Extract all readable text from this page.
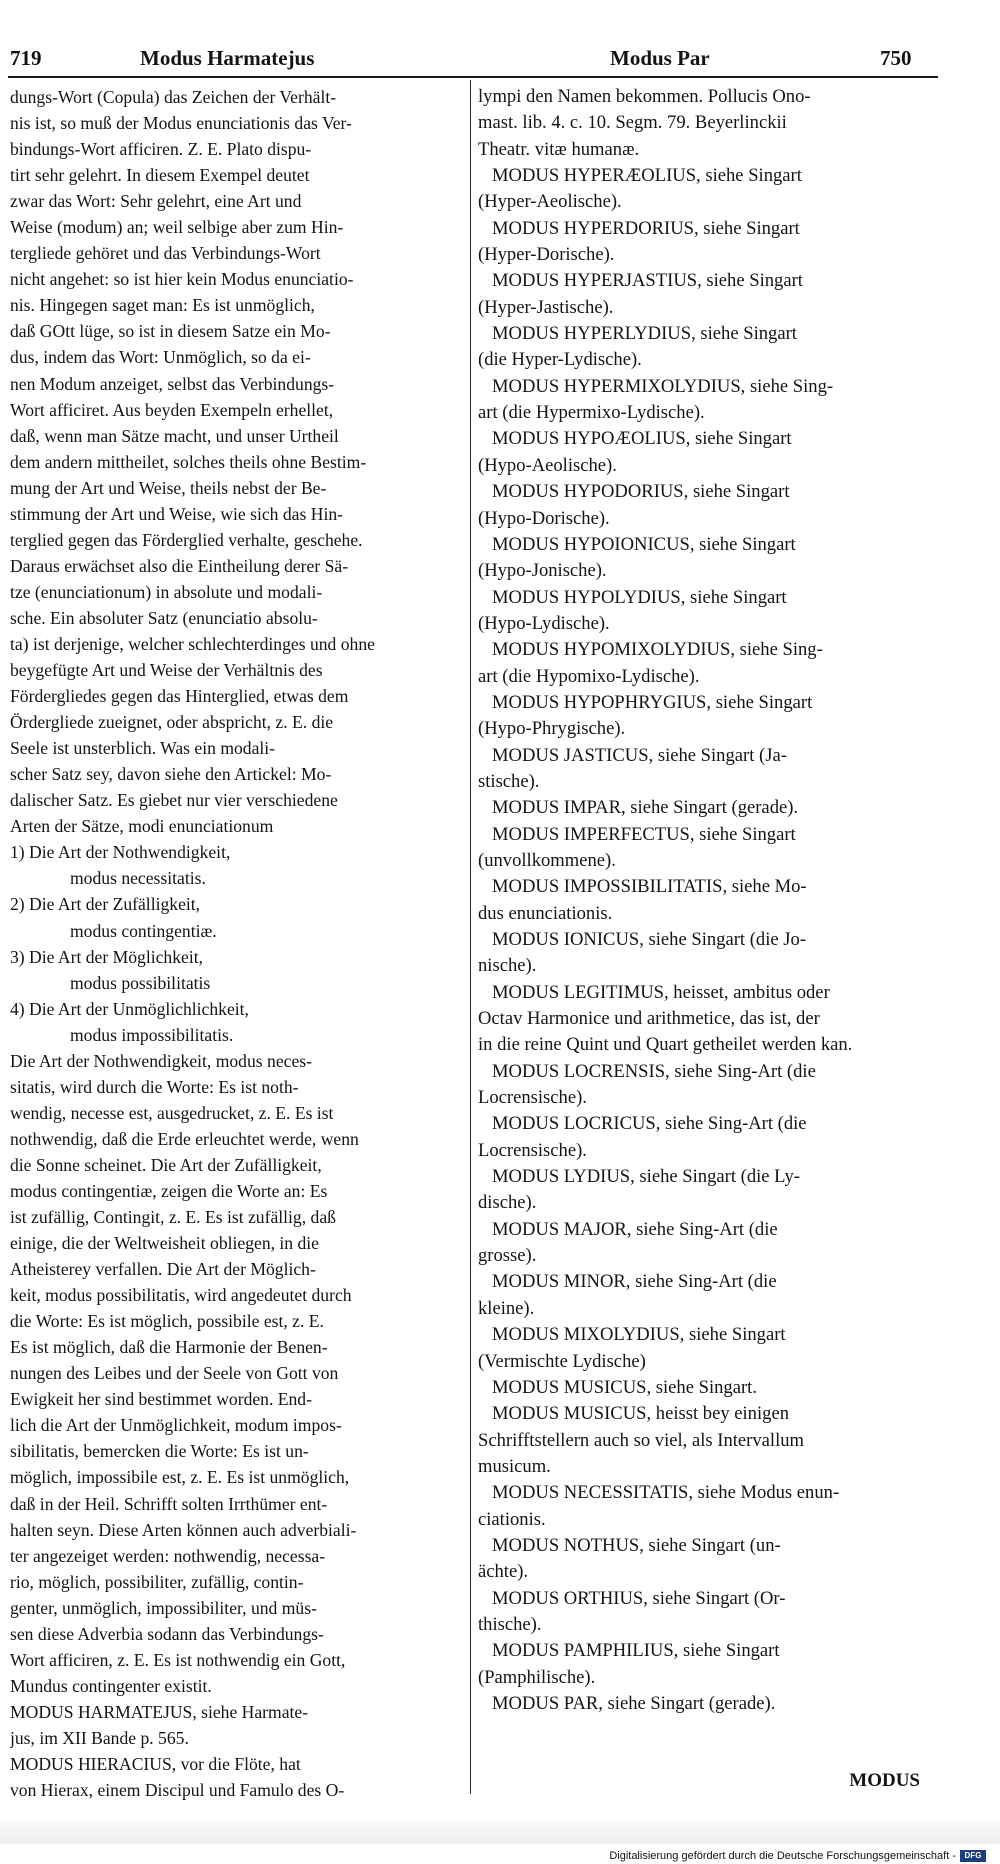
719	Modus Harmatejus	Modus Par	750

dungs-Wort (Copula) das Zeichen der Verhält-

nis ist, so muß der Modus enunciationis das Ver-

bindungs-Wort afficiren. Z. E. Plato dispu-

tirt sehr gelehrt. In diesem Exempel deutet

zwar das Wort: Sehr gelehrt, eine Art und

Weise (modum) an; weil selbige aber zum Hin-

tergliede gehöret und das Verbindungs-Wort

nicht angehet: so ist hier kein Modus enunciatio-

nis. Hingegen saget man: Es ist unmöglich,

daß GOtt lüge, so ist in diesem Satze ein Mo-

dus, indem das Wort: Unmöglich, so da ei-

nen Modum anzeiget, selbst das Verbindungs-

Wort afficiret. Aus beyden Exempeln erhellet,

daß, wenn man Sätze macht, und unser Urtheil

dem andern mittheilet, solches theils ohne Bestim-

mung der Art und Weise, theils nebst der Be-

stimmung der Art und Weise, wie sich das Hin-

terglied gegen das Förderglied verhalte, geschehe.

Daraus erwächset also die Eintheilung derer Sä-

tze (enunciationum) in absolute und modali-

sche. Ein absoluter Satz (enunciatio absolu-

ta) ist derjenige, welcher schlechterdinges und ohne

beygefügte Art und Weise der Verhältnis des

Fördergliedes gegen das Hinterglied, etwas dem

Ördergliede zueignet, oder abspricht, z. E. die

Seele ist unsterblich. Was ein modali-

scher Satz sey, davon siehe den Artickel: Mo-

dalischer Satz. Es giebet nur vier verschiedene

Arten der Sätze, modi enunciationum

1) Die Art der Nothwendigkeit,
modus necessitatis.

2) Die Art der Zufälligkeit,
modus contingentiæ.

3) Die Art der Möglichkeit,
modus possibilitatis

4) Die Art der Unmöglichlichkeit,
modus impossibilitatis.

Die Art der Nothwendigkeit, modus neces-

sitatis, wird durch die Worte: Es ist noth-

wendig, necesse est, ausgedrucket, z. E. Es ist

nothwendig, daß die Erde erleuchtet werde, wenn

die Sonne scheinet. Die Art der Zufälligkeit,

modus contingentiæ, zeigen die Worte an: Es

ist zufällig, Contingit, z. E. Es ist zufällig, daß

einige, die der Weltweisheit obliegen, in die

Atheisterey verfallen. Die Art der Möglich-

keit, modus possibilitatis, wird angedeutet durch

die Worte: Es ist möglich, possibile est, z. E.

Es ist möglich, daß die Harmonie der Benen-

nungen des Leibes und der Seele von Gott von

Ewigkeit her sind bestimmet worden. End-

lich die Art der Unmöglichkeit, modum impos-

sibilitatis, bemercken die Worte: Es ist un-

möglich, impossibile est, z. E. Es ist unmöglich,

daß in der Heil. Schrifft solten Irrthümer ent-

halten seyn. Diese Arten können auch adverbiali-

ter angezeiget werden: nothwendig, necessa-

rio, möglich, possibiliter, zufällig, contin-

genter, unmöglich, impossibiliter, und müs-

sen diese Adverbia sodann das Verbindungs-

Wort afficiren, z. E. Es ist nothwendig ein Gott,

Mundus contingenter existit.

MODUS HARMATEJUS, siehe Harmate-

jus, im XII Bande p. 565.

MODUS HIERACIUS, vor die Flöte, hat

von Hierax, einem Discipul und Famulo des O-

lympi den Namen bekommen. Pollucis Ono-

mast. lib. 4. c. 10. Segm. 79. Beyerlinckii

Theatr. vitæ humanæ.

MODUS HYPERÆOLIUS, siehe Singart

(Hyper-Aeolische).

MODUS HYPERDORIUS, siehe Singart

(Hyper-Dorische).

MODUS HYPERJASTIUS, siehe Singart

(Hyper-Jastische).

MODUS HYPERLYDIUS, siehe Singart

(die Hyper-Lydische).

MODUS HYPERMIXOLYDIUS, siehe Sing-

art (die Hypermixo-Lydische).

MODUS HYPOÆOLIUS, siehe Singart

(Hypo-Aeolische).

MODUS HYPODORIUS, siehe Singart

(Hypo-Dorische).

MODUS HYPOIONICUS, siehe Singart

(Hypo-Jonische).

MODUS HYPOLYDIUS, siehe Singart

(Hypo-Lydische).

MODUS HYPOMIXOLYDIUS, siehe Sing-

art (die Hypomixo-Lydische).

MODUS HYPOPHRYGIUS, siehe Singart

(Hypo-Phrygische).

MODUS JASTICUS, siehe Singart (Ja-

stische).

MODUS IMPAR, siehe Singart (gerade).

MODUS IMPERFECTUS, siehe Singart

(unvollkommene).

MODUS IMPOSSIBILITATIS, siehe Mo-

dus enunciationis.

MODUS IONICUS, siehe Singart (die Jo-

nische).

MODUS LEGITIMUS, heisset, ambitus oder

Octav Harmonice und arithmetice, das ist, der

in die reine Quint und Quart getheilet werden kan.

MODUS LOCRENSIS, siehe Sing-Art (die

Locrensische).

MODUS LOCRICUS, siehe Sing-Art (die

Locrensische).

MODUS LYDIUS, siehe Singart (die Ly-

dische).

MODUS MAJOR, siehe Sing-Art (die

grosse).

MODUS MINOR, siehe Sing-Art (die

kleine).

MODUS MIXOLYDIUS, siehe Singart

(Vermischte Lydische)

MODUS MUSICUS, siehe Singart.

MODUS MUSICUS, heisst bey einigen

Schrifftstellern auch so viel, als Intervallum

musicum.

MODUS NECESSITATIS, siehe Modus enun-

ciationis.

MODUS NOTHUS, siehe Singart (un-

ächte).

MODUS ORTHIUS, siehe Singart (Or-

thische).

MODUS PAMPHILIUS, siehe Singart

(Pamphilische).

MODUS PAR, siehe Singart (gerade).

MODUS
Digitalisierung gefördert durch die Deutsche Forschungsgemeinschaft - DFG
